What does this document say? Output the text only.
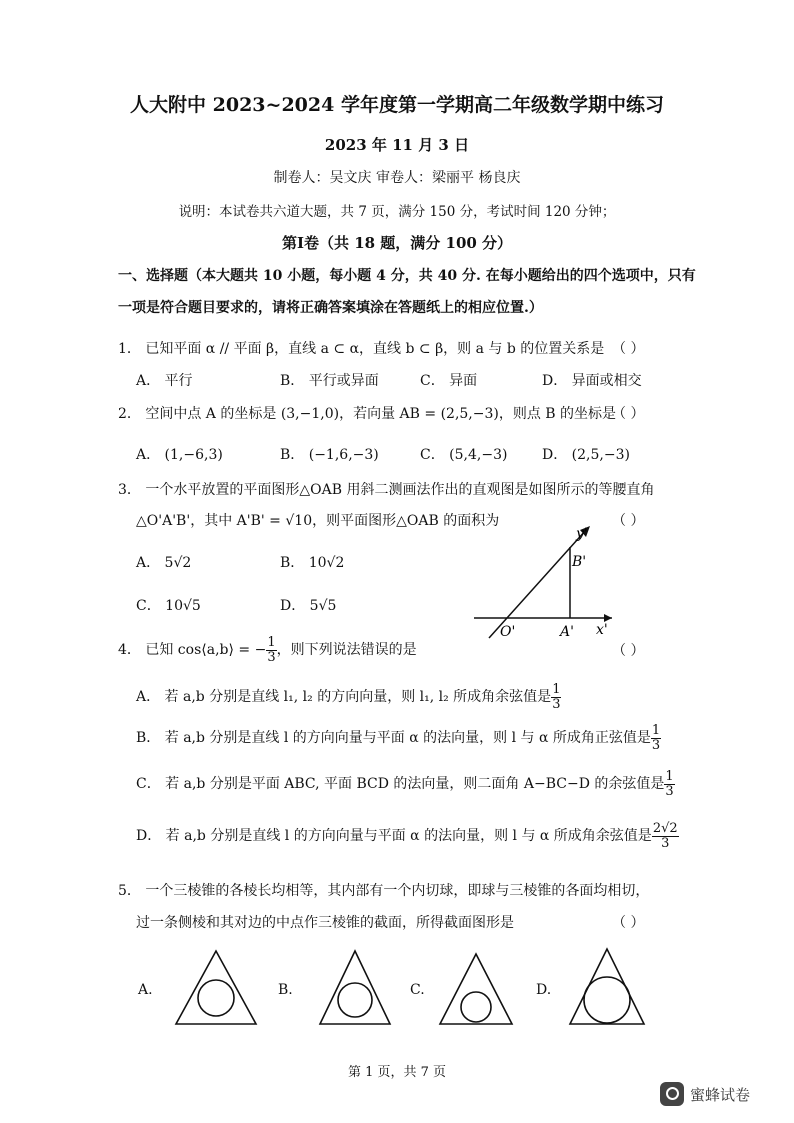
人大附中 2023~2024 学年度第一学期高二年级数学期中练习
2023 年 11 月 3 日
制卷人：吴文庆 审卷人：梁丽平 杨良庆
说明：本试卷共六道大题，共 7 页，满分 150 分，考试时间 120 分钟；
第Ⅰ卷（共 18 题，满分 100 分）
一、选择题（本大题共 10 小题，每小题 4 分，共 40 分. 在每小题给出的四个选项中，只有
一项是符合题目要求的，请将正确答案填涂在答题纸上的相应位置.）
1． 已知平面 α // 平面 β，直线 a ⊂ α，直线 b ⊂ β，则 a 与 b 的位置关系是 （ ）
A． 平行	B． 平行或异面	C． 异面	D． 异面或相交
2． 空间中点 A 的坐标是 (3,−1,0)，若向量 AB = (2,5,−3)，则点 B 的坐标是
（ ）
A． (1,−6,3)	B． (−1,6,−3)	C． (5,4,−3) D． (2,5,−3)
3． 一个水平放置的平面图形△OAB 用斜二测画法作出的直观图是如图所示的等腰直角
△O'A'B'，其中 A'B' = √10，则平面图形△OAB 的面积为	（ ）
A． 5√2	B． 10√2
C． 10√5	D． 5√5
y'
B'
O'	A' x'
4． 已知 cos⟨a,b⟩ = − $\frac{1}{3}$ ，则下列说法错误的是	（ ）
A． 若 a,b 分别是直线 l₁, l₂ 的方向向量，则 l₁, l₂ 所成角余弦值是 $\frac{1}{3}$
B． 若 a,b 分别是直线 l 的方向向量与平面 α 的法向量，则 l 与 α 所成角正弦值是 $\frac{1}{3}$
C． 若 a,b 分别是平面 ABC, 平面 BCD 的法向量，则二面角 A−BC−D 的余弦值是 $\frac{1}{3}$
D． 若 a,b 分别是直线 l 的方向向量与平面 α 的法向量，则 l 与 α 所成角余弦值是 $\frac{2√2}{3}$
5． 一个三棱锥的各棱长均相等，其内部有一个内切球，即球与三棱锥的各面均相切，
过一条侧棱和其对边的中点作三棱锥的截面，所得截面图形是	（ ）
A.	B.	C.	D.
第 1 页，共 7 页
蜜蜂试卷
